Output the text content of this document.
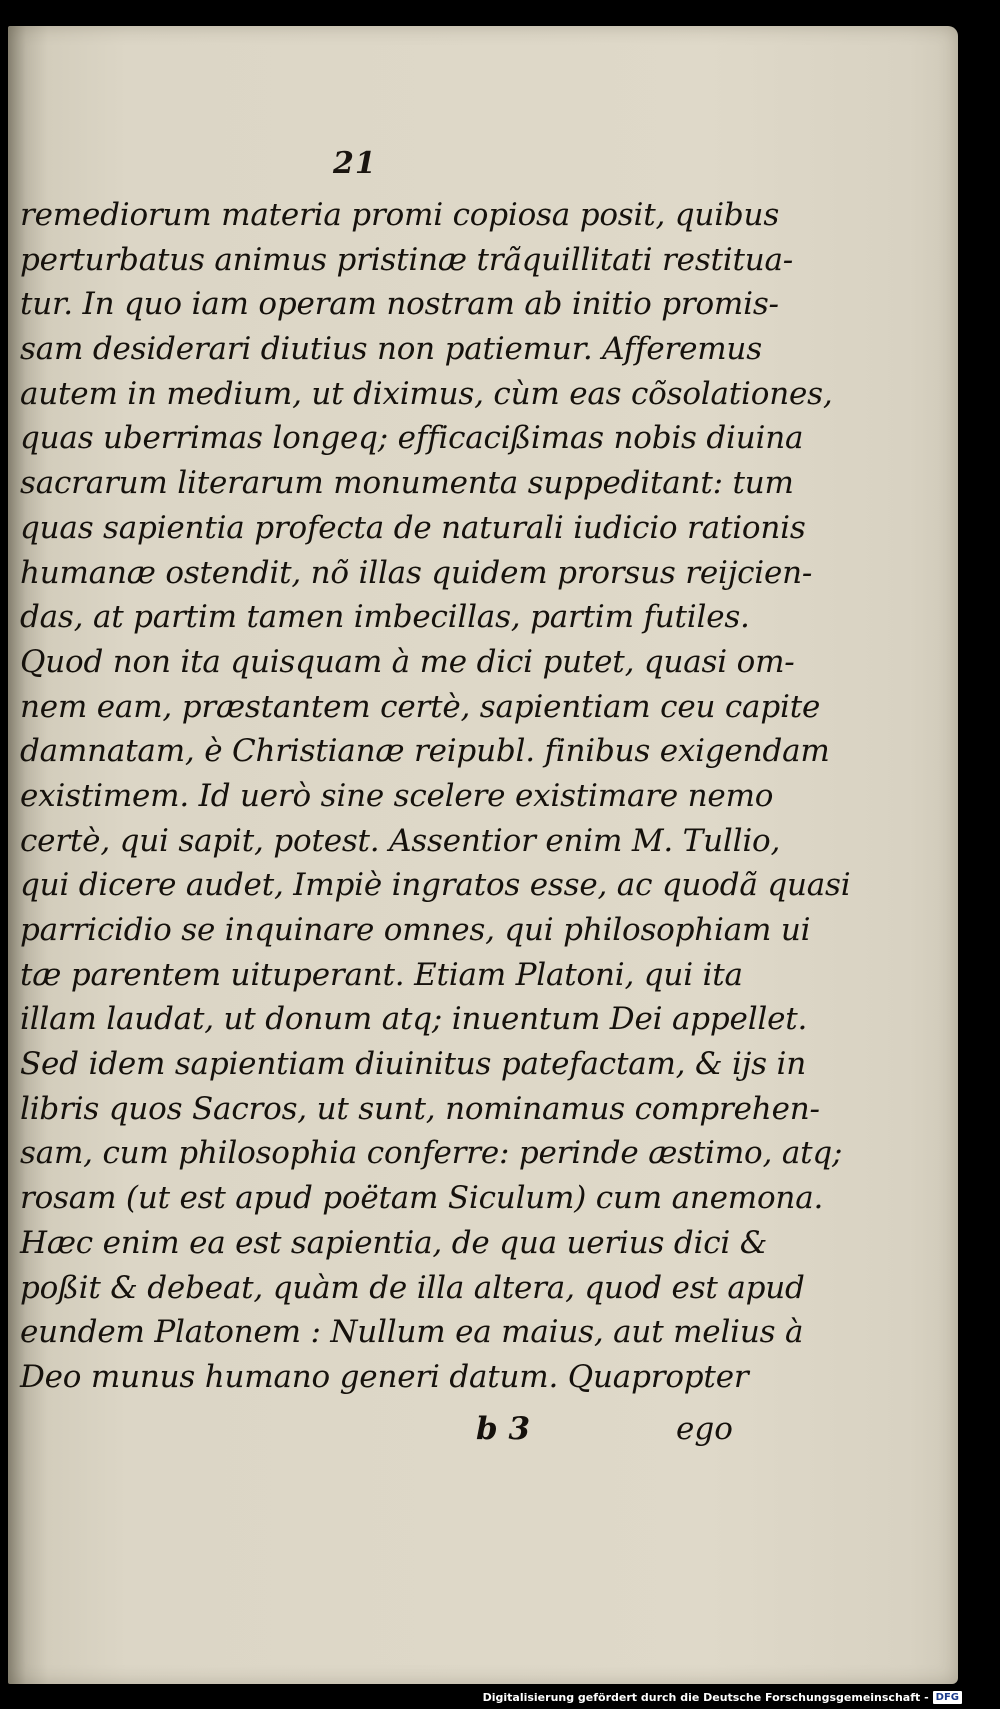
21
remediorum materia promi copiosa posit, quibus
perturbatus animus pristinæ trãquillitati restitua-
tur. In quo iam operam nostram ab initio promis-
sam desiderari diutius non patiemur. Afferemus
autem in medium, ut diximus, cùm eas cõsolationes,
quas uberrimas longeq; efficacißimas nobis diuina
sacrarum literarum monumenta suppeditant: tum
quas sapientia profecta de naturali iudicio rationis
humanæ ostendit, nõ illas quidem prorsus reijcien-
das, at partim tamen imbecillas, partim futiles.
Quod non ita quisquam à me dici putet, quasi om-
nem eam, præstantem certè, sapientiam ceu capite
damnatam, è Christianæ reipubl. finibus exigendam
existimem. Id uerò sine scelere existimare nemo
certè, qui sapit, potest. Assentior enim M. Tullio,
qui dicere audet, Impiè ingratos esse, ac quodã quasi
parricidio se inquinare omnes, qui philosophiam ui
tæ parentem uituperant. Etiam Platoni, qui ita
illam laudat, ut donum atq; inuentum Dei appellet.
Sed idem sapientiam diuinitus patefactam, & ijs in
libris quos Sacros, ut sunt, nominamus comprehen-
sam, cum philosophia conferre: perinde æstimo, atq;
rosam (ut est apud poëtam Siculum) cum anemona.
Hæc enim ea est sapientia, de qua uerius dici &
poßit & debeat, quàm de illa altera, quod est apud
eundem Platonem : Nullum ea maius, aut melius à
Deo munus humano generi datum. Quapropter
b 3	ego
Digitalisierung gefördert durch die Deutsche Forschungsgemeinschaft - DFG
